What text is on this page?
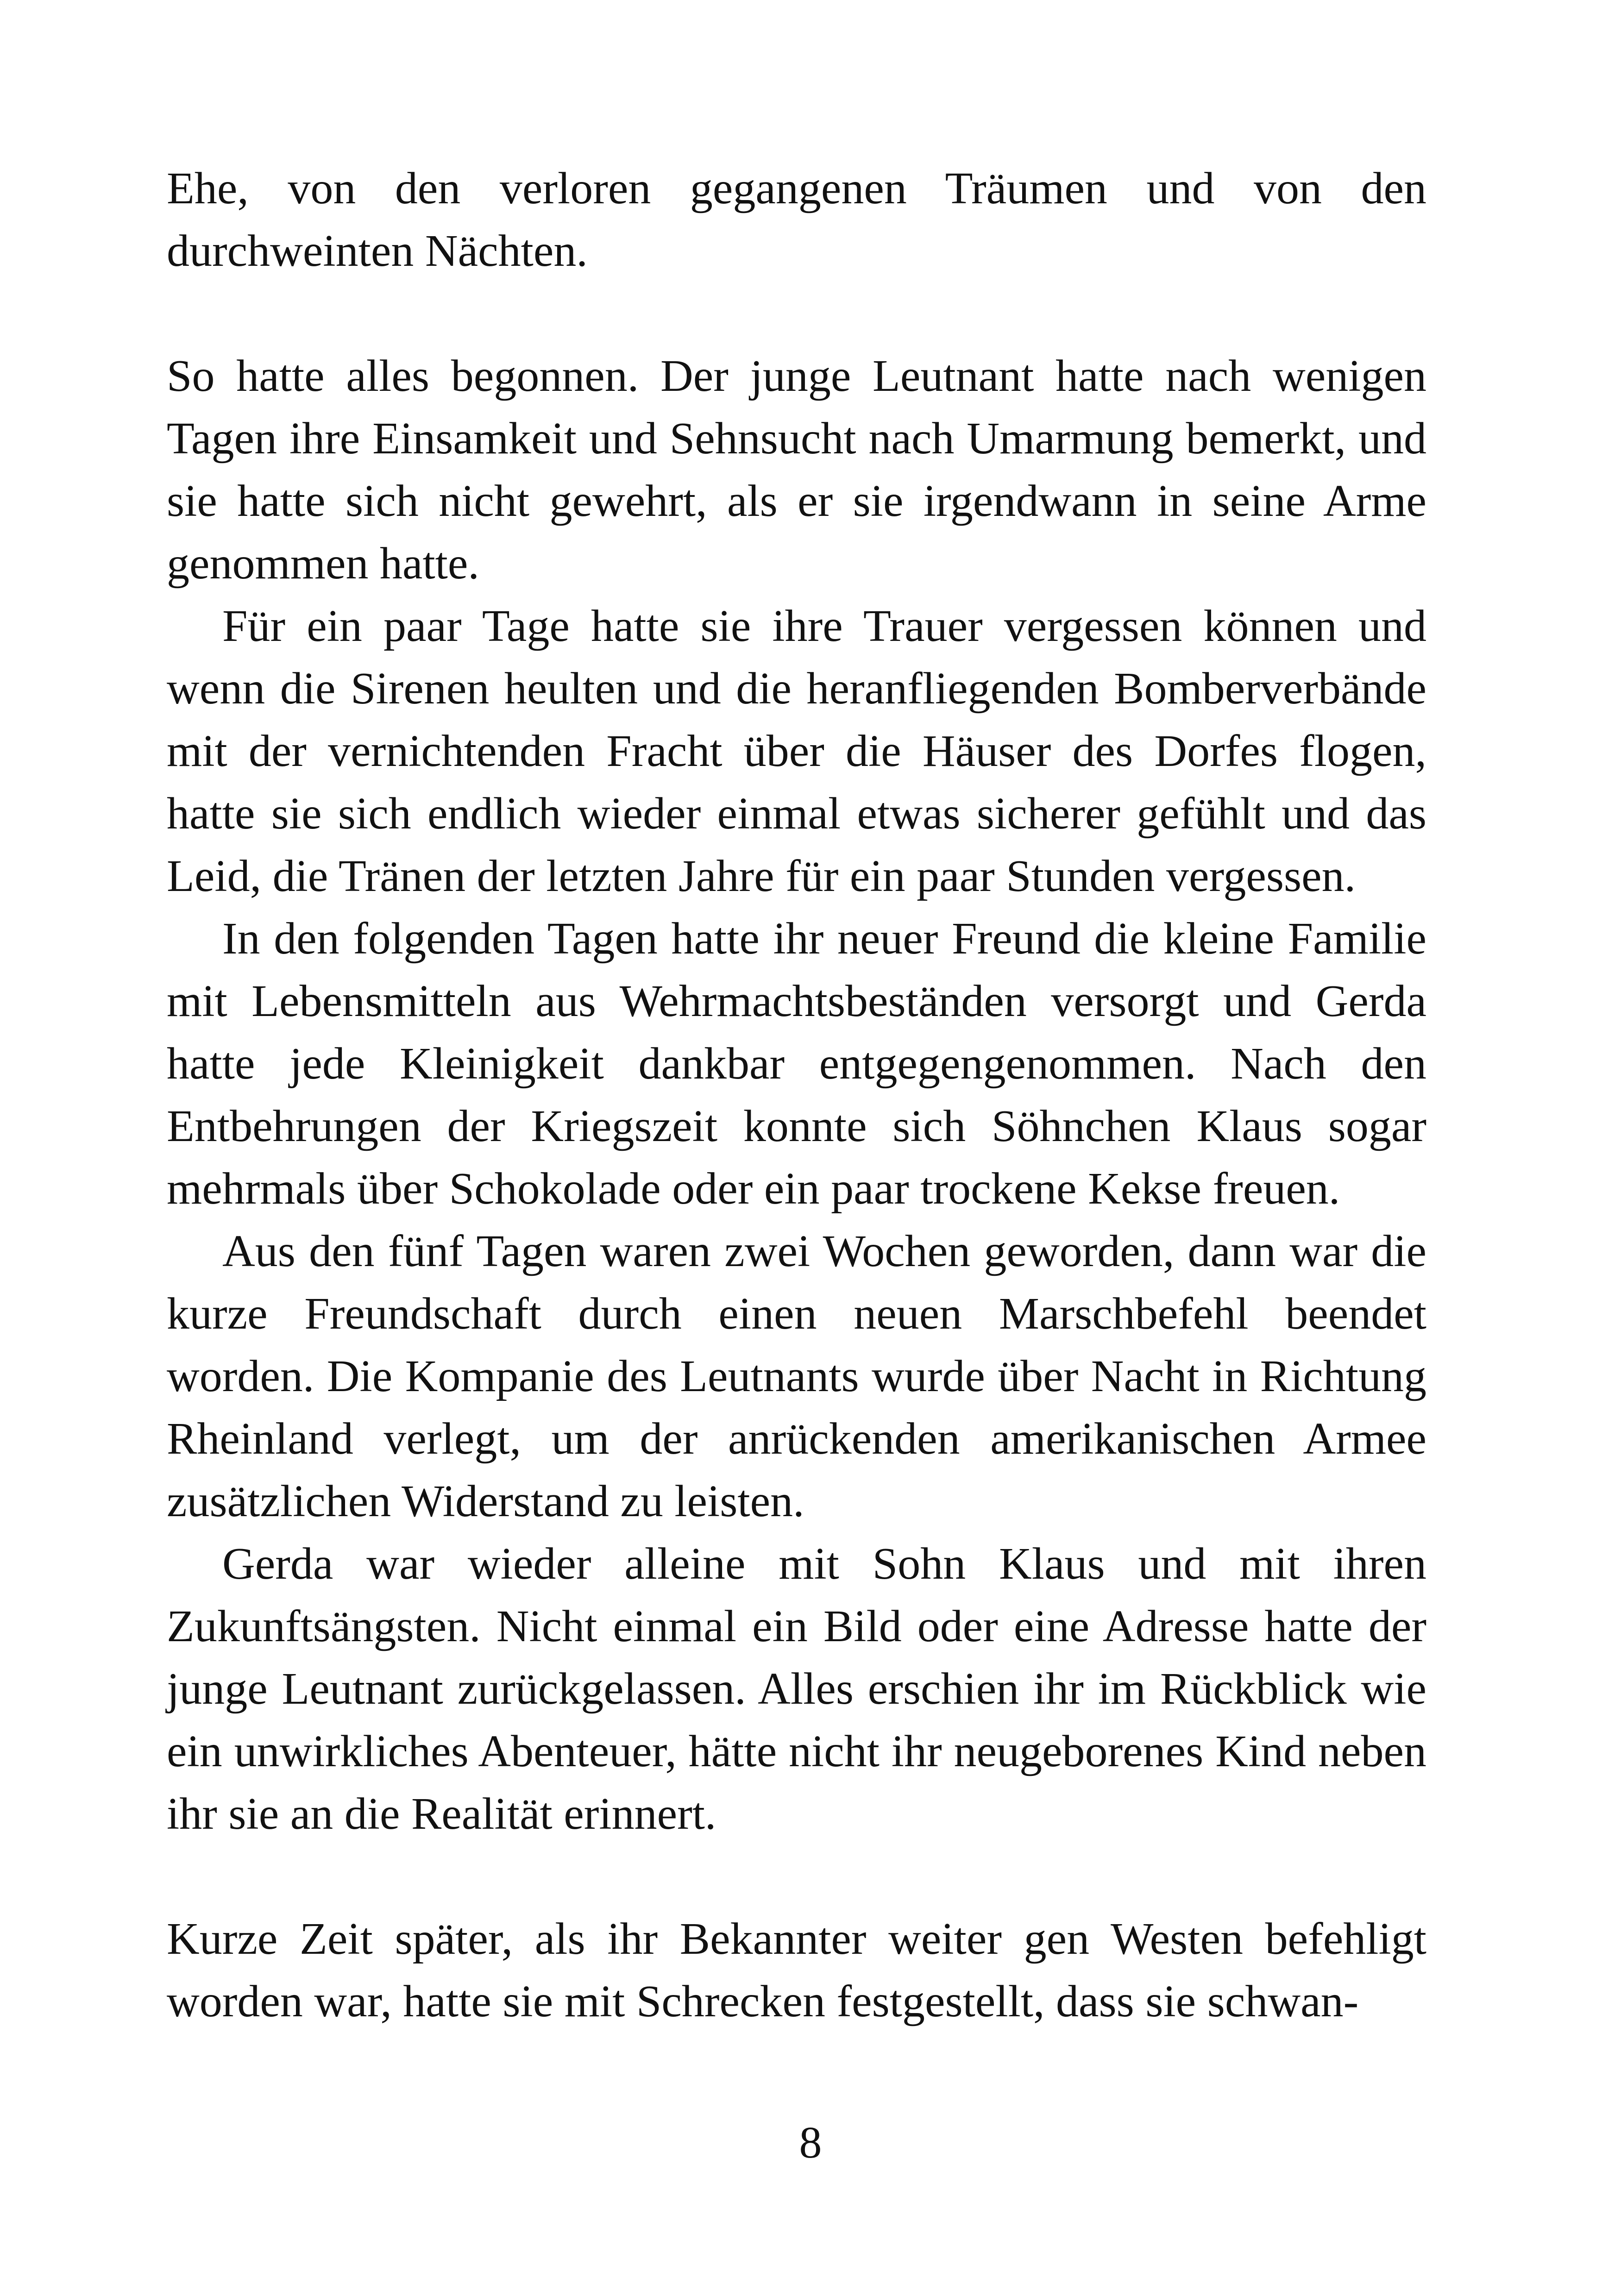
Ehe, von den verloren gegangenen Träumen und von den durchweinten Nächten.

So hatte alles begonnen. Der junge Leutnant hatte nach wenigen Tagen ihre Einsamkeit und Sehnsucht nach Umarmung bemerkt, und sie hatte sich nicht gewehrt, als er sie irgendwann in seine Arme genommen hatte.

Für ein paar Tage hatte sie ihre Trauer vergessen können und wenn die Sirenen heulten und die heranfliegenden Bomberverbände mit der vernichtenden Fracht über die Häuser des Dorfes flogen, hatte sie sich endlich wieder einmal etwas sicherer gefühlt und das Leid, die Tränen der letzten Jahre für ein paar Stunden vergessen.

In den folgenden Tagen hatte ihr neuer Freund die kleine Familie mit Lebensmitteln aus Wehrmachtsbeständen versorgt und Gerda hatte jede Kleinigkeit dankbar entgegengenommen. Nach den Entbehrungen der Kriegszeit konnte sich Söhnchen Klaus sogar mehrmals über Schokolade oder ein paar trockene Kekse freuen.

Aus den fünf Tagen waren zwei Wochen geworden, dann war die kurze Freundschaft durch einen neuen Marschbefehl beendet worden. Die Kompanie des Leutnants wurde über Nacht in Richtung Rheinland verlegt, um der anrückenden amerikanischen Armee zusätzlichen Widerstand zu leisten.

Gerda war wieder alleine mit Sohn Klaus und mit ihren Zukunftsängsten. Nicht einmal ein Bild oder eine Adresse hatte der junge Leutnant zurückgelassen. Alles erschien ihr im Rückblick wie ein unwirkliches Abenteuer, hätte nicht ihr neugeborenes Kind neben ihr sie an die Realität erinnert.

Kurze Zeit später, als ihr Bekannter weiter gen Westen befehligt worden war, hatte sie mit Schrecken festgestellt, dass sie schwan-

8
